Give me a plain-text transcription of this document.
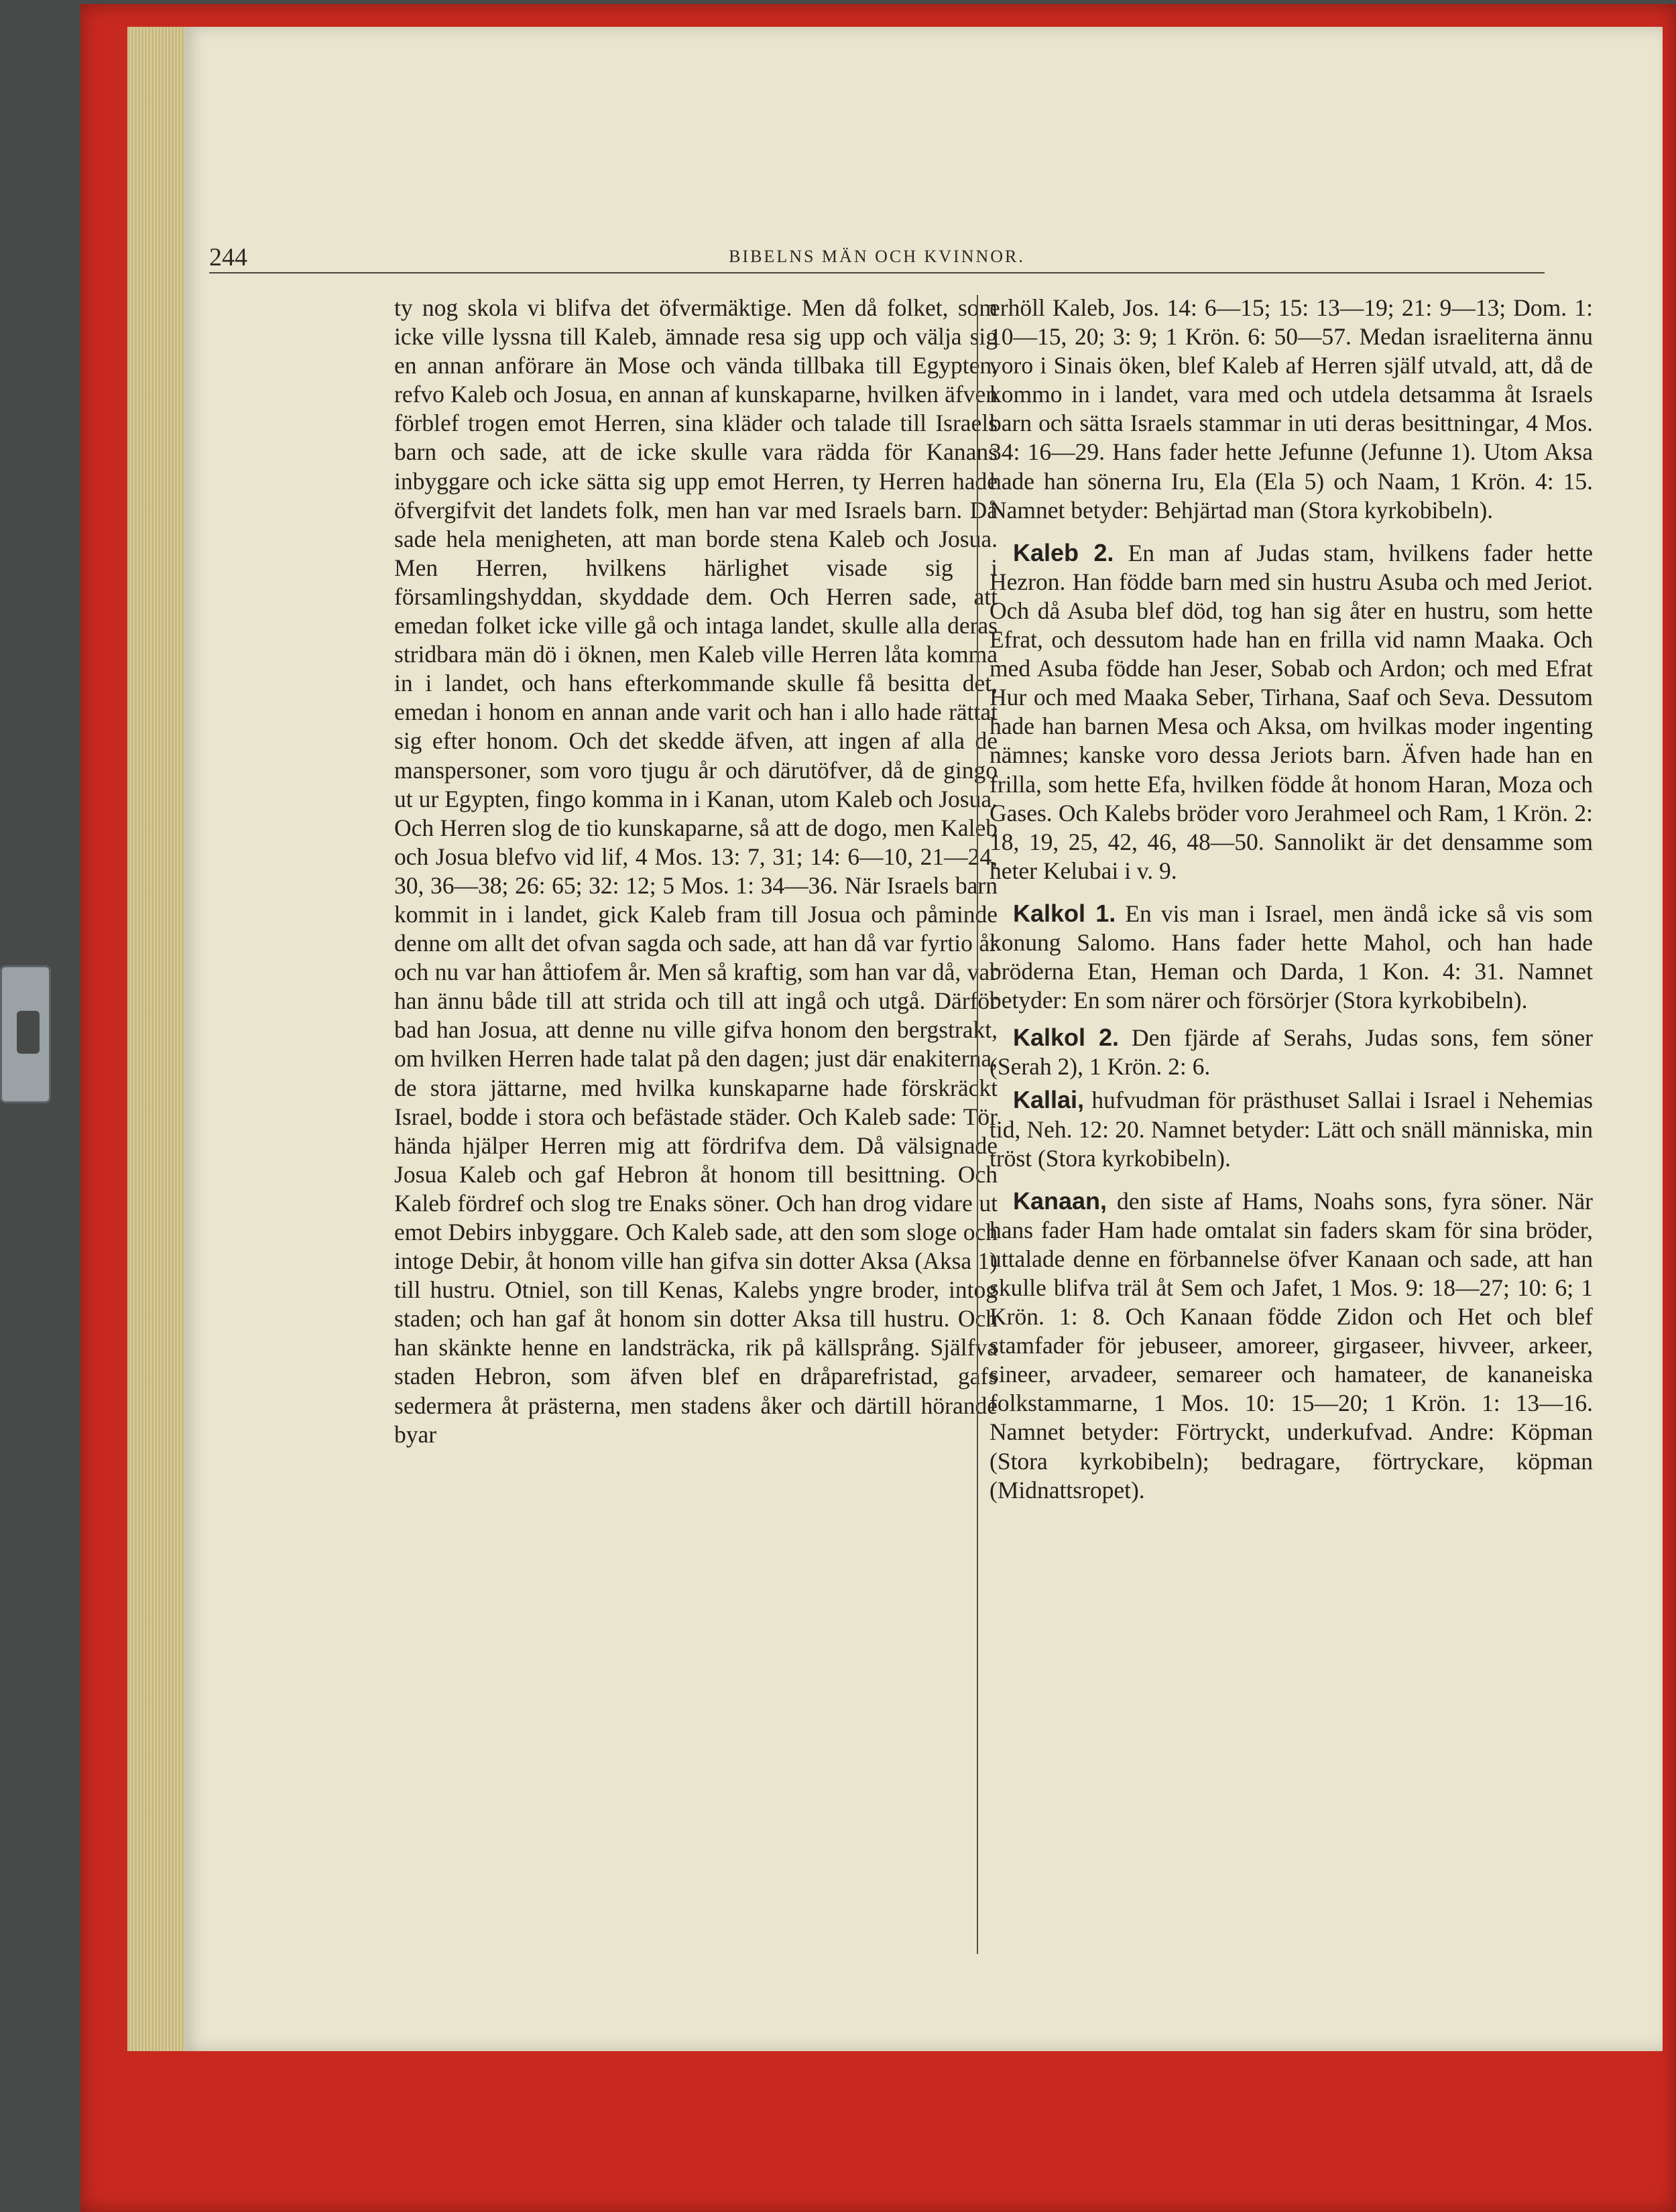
244	BIBELNS MÄN OCH KVINNOR.

ty nog skola vi blifva det öfvermäktige. Men då folket, som icke ville lyssna till Kaleb, ämnade resa sig upp och välja sig en annan anförare än Mose och vända tillbaka till Egypten, refvo Kaleb och Josua, en annan af kunskaparne, hvilken äfven förblef trogen emot Herren, sina kläder och talade till Israels barn och sade, att de icke skulle vara rädda för Kanans inbyggare och icke sätta sig upp emot Herren, ty Herren hade öfvergifvit det landets folk, men han var med Israels barn. Då sade hela menigheten, att man borde stena Kaleb och Josua. Men Herren, hvilkens härlighet visade sig i församlingshyddan, skyddade dem. Och Herren sade, att emedan folket icke ville gå och intaga landet, skulle alla deras stridbara män dö i öknen, men Kaleb ville Herren låta komma in i landet, och hans efterkommande skulle få besitta det, emedan i honom en annan ande varit och han i allo hade rättat sig efter honom. Och det skedde äfven, att ingen af alla de manspersoner, som voro tjugu år och därutöfver, då de gingo ut ur Egypten, fingo komma in i Kanan, utom Kaleb och Josua. Och Herren slog de tio kunskaparne, så att de dogo, men Kaleb och Josua blefvo vid lif, 4 Mos. 13: 7, 31; 14: 6—10, 21—24, 30, 36—38; 26: 65; 32: 12; 5 Mos. 1: 34—36. När Israels barn kommit in i landet, gick Kaleb fram till Josua och påminde denne om allt det ofvan sagda och sade, att han då var fyrtio år och nu var han åttiofem år. Men så kraftig, som han var då, var han ännu både till att strida och till att ingå och utgå. Därför bad han Josua, att denne nu ville gifva honom den bergstrakt, om hvilken Herren hade talat på den dagen; just där enakiterna, de stora jättarne, med hvilka kunskaparne hade förskräckt Israel, bodde i stora och befästade städer. Och Kaleb sade: Tör hända hjälper Herren mig att fördrifva dem. Då välsignade Josua Kaleb och gaf Hebron åt honom till besittning. Och Kaleb fördref och slog tre Enaks söner. Och han drog vidare ut emot Debirs inbyggare. Och Kaleb sade, att den som sloge och intoge Debir, åt honom ville han gifva sin dotter Aksa (Aksa 1) till hustru. Otniel, son till Kenas, Kalebs yngre broder, intog staden; och han gaf åt honom sin dotter Aksa till hustru. Och han skänkte henne en landsträcka, rik på källsprång. Själfva staden Hebron, som äfven blef en dråparefristad, gafs sedermera åt prästerna, men stadens åker och därtill hörande byar

erhöll Kaleb, Jos. 14: 6—15; 15: 13—19; 21: 9—13; Dom. 1: 10—15, 20; 3: 9; 1 Krön. 6: 50—57. Medan israeliterna ännu voro i Sinais öken, blef Kaleb af Herren själf utvald, att, då de kommo in i landet, vara med och utdela detsamma åt Israels barn och sätta Israels stammar in uti deras besittningar, 4 Mos. 34: 16—29. Hans fader hette Jefunne (Jefunne 1). Utom Aksa hade han sönerna Iru, Ela (Ela 5) och Naam, 1 Krön. 4: 15. Namnet betyder: Behjärtad man (Stora kyrkobibeln).

Kaleb 2. En man af Judas stam, hvilkens fader hette Hezron. Han födde barn med sin hustru Asuba och med Jeriot. Och då Asuba blef död, tog han sig åter en hustru, som hette Efrat, och dessutom hade han en frilla vid namn Maaka. Och med Asuba födde han Jeser, Sobab och Ardon; och med Efrat Hur och med Maaka Seber, Tirhana, Saaf och Seva. Dessutom hade han barnen Mesa och Aksa, om hvilkas moder ingenting nämnes; kanske voro dessa Jeriots barn. Äfven hade han en frilla, som hette Efa, hvilken födde åt honom Haran, Moza och Gases. Och Kalebs bröder voro Jerahmeel och Ram, 1 Krön. 2: 18, 19, 25, 42, 46, 48—50. Sannolikt är det densamme som heter Kelubai i v. 9.

Kalkol 1. En vis man i Israel, men ändå icke så vis som konung Salomo. Hans fader hette Mahol, och han hade bröderna Etan, Heman och Darda, 1 Kon. 4: 31. Namnet betyder: En som närer och försörjer (Stora kyrkobibeln).

Kalkol 2. Den fjärde af Serahs, Judas sons, fem söner (Serah 2), 1 Krön. 2: 6.

Kallai, hufvudman för prästhuset Sallai i Israel i Nehemias tid, Neh. 12: 20. Namnet betyder: Lätt och snäll människa, min tröst (Stora kyrkobibeln).

Kanaan, den siste af Hams, Noahs sons, fyra söner. När hans fader Ham hade omtalat sin faders skam för sina bröder, uttalade denne en förbannelse öfver Kanaan och sade, att han skulle blifva träl åt Sem och Jafet, 1 Mos. 9: 18—27; 10: 6; 1 Krön. 1: 8. Och Kanaan födde Zidon och Het och blef stamfader för jebuseer, amoreer, girgaseer, hivveer, arkeer, sineer, arvadeer, semareer och hamateer, de kananeiska folkstammarne, 1 Mos. 10: 15—20; 1 Krön. 1: 13—16. Namnet betyder: Förtryckt, underkufvad. Andre: Köpman (Stora kyrkobibeln); bedragare, förtryckare, köpman (Midnattsropet).
